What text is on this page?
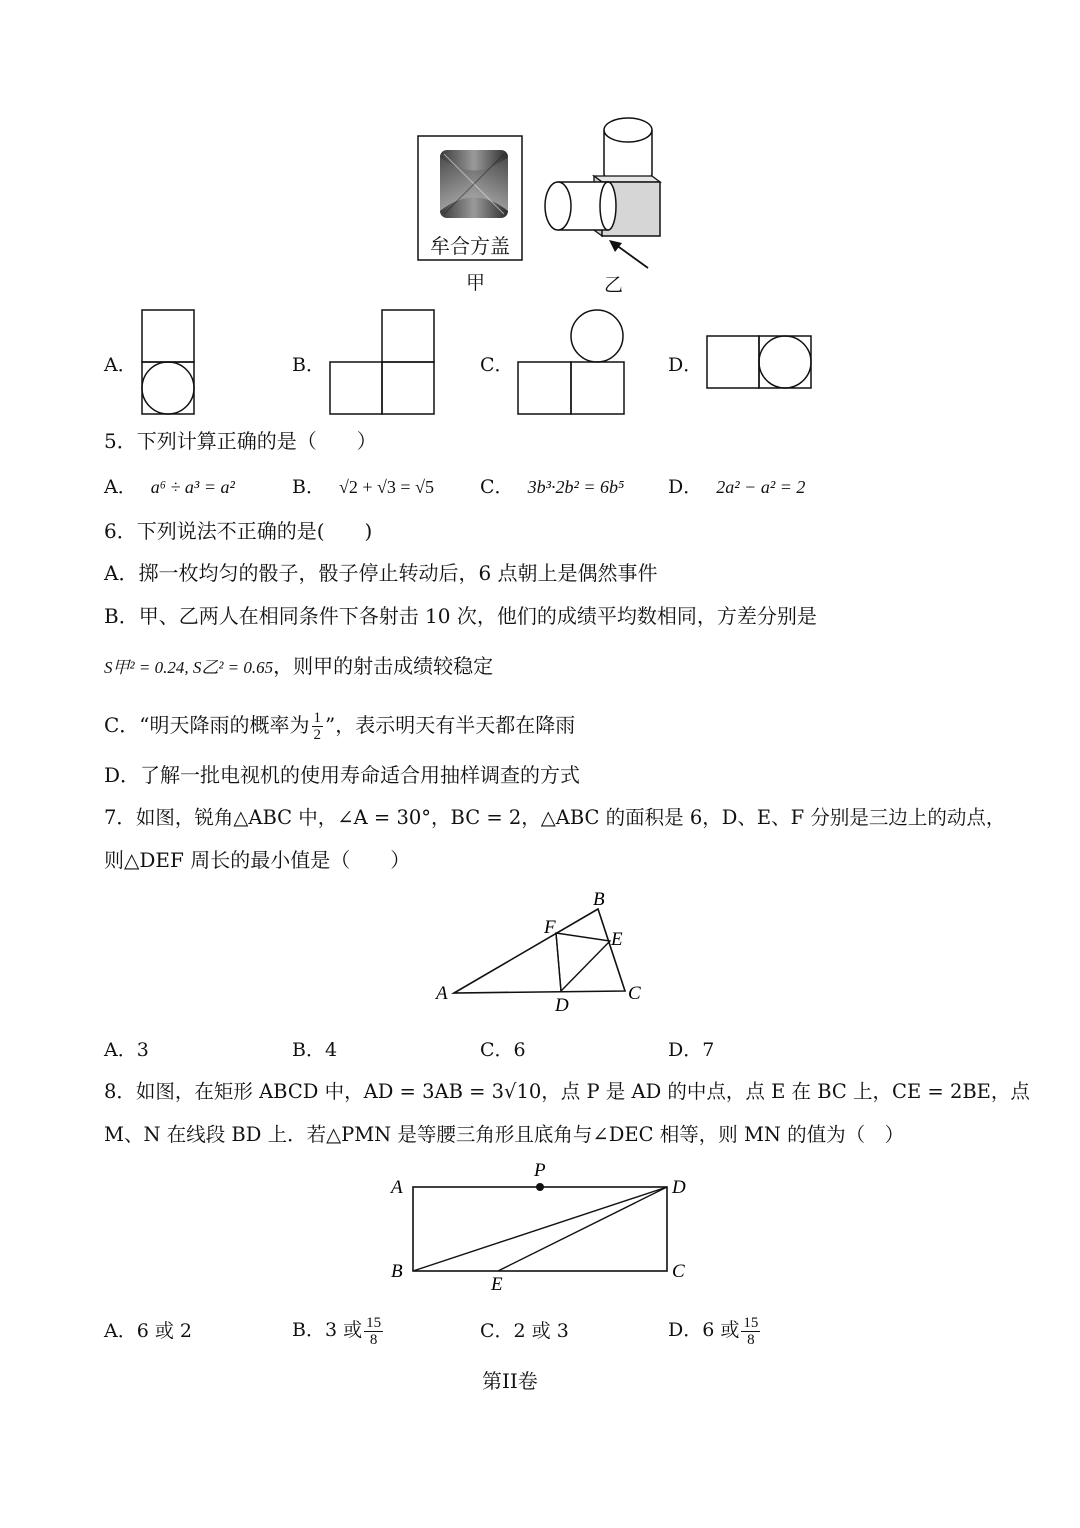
牟合方盖
甲	乙
A．	B．	C．	D．
5．下列计算正确的是（　　）
A． a⁶ ÷ a³ = a²	B． √2 + √3 = √5 C． 3b³·2b² = 6b⁵ D． 2a² − a² = 2
6．下列说法不正确的是(　　)
A．掷一枚均匀的骰子，骰子停止转动后，6 点朝上是偶然事件
B．甲、乙两人在相同条件下各射击 10 次，他们的成绩平均数相同，方差分别是
S甲² = 0.24, S乙² = 0.65，则甲的射击成绩较稳定
C．“明天降雨的概率为 $\frac{1}{2}$ ”，表示明天有半天都在降雨
D．了解一批电视机的使用寿命适合用抽样调查的方式
7．如图，锐角△ABC 中，∠A = 30°，BC = 2，△ABC 的面积是 6，D、E、F 分别是三边上的动点，
则△DEF 周长的最小值是（　　）
A
B
C
D
E
F
A．3	B．4	C．6	D．7
8．如图，在矩形 ABCD 中，AD = 3AB = 3√10，点 P 是 AD 的中点，点 E 在 BC 上，CE = 2BE，点
M、N 在线段 BD 上．若△PMN 是等腰三角形且底角与∠DEC 相等，则 MN 的值为（　）
A
P
D
B
E
C
A．6 或 2	B．3 或 $\frac{15}{8}$	C．2 或 3	D．6 或 $\frac{15}{8}$
第II卷
